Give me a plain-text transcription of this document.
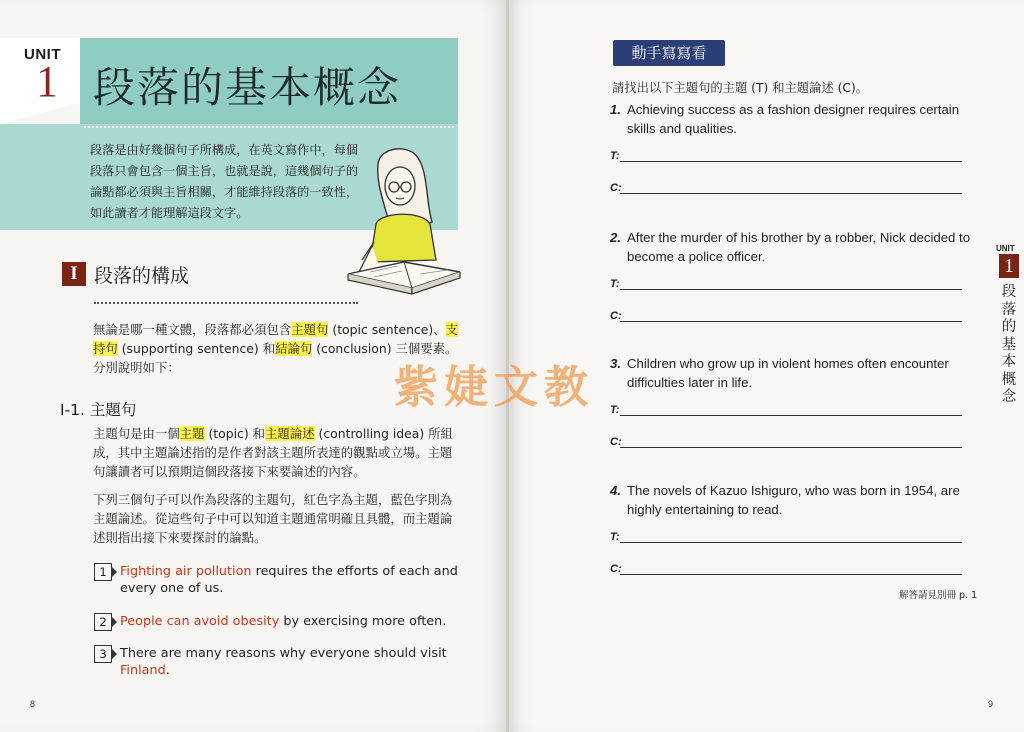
UNIT
1 段落的基本概念
段落是由好幾個句子所構成，在英文寫作中，每個段落只會包含一個主旨，也就是說，這幾個句子的論點都必須與主旨相關，才能維持段落的一致性，如此讀者才能理解這段文字。
I 段落的構成
無論是哪一種文體，段落都必須包含主題句 (topic sentence)、支持句 (supporting sentence) 和結論句 (conclusion) 三個要素。分別說明如下：
I-1. 主題句
主題句是由一個主題 (topic) 和主題論述 (controlling idea) 所組成，其中主題論述指的是作者對該主題所表達的觀點或立場。主題句讓讀者可以預期這個段落接下來要論述的內容。
下列三個句子可以作為段落的主題句，紅色字為主題，藍色字則為主題論述。從這些句子中可以知道主題通常明確且具體，而主題論述則指出接下來要探討的論點。
1	Fighting air pollution requires the efforts of each and every one of us.
2	People can avoid obesity by exercising more often.
3	There are many reasons why everyone should visit Finland.
8
動手寫寫看
請找出以下主題句的主題 (T) 和主題論述 (C)。
1. Achieving success as a fashion designer requires certain skills and qualities.
T:
C:
2. After the murder of his brother by a robber, Nick decided to become a police officer.
T:
C:
3. Children who grow up in violent homes often encounter difficulties later in life.
T:
C:
4. The novels of Kazuo Ishiguro, who was born in 1954, are highly entertaining to read.
T:
C:
解答請見別冊 p. 1
UNIT
1
段落的基本概念
9
紫婕文教
